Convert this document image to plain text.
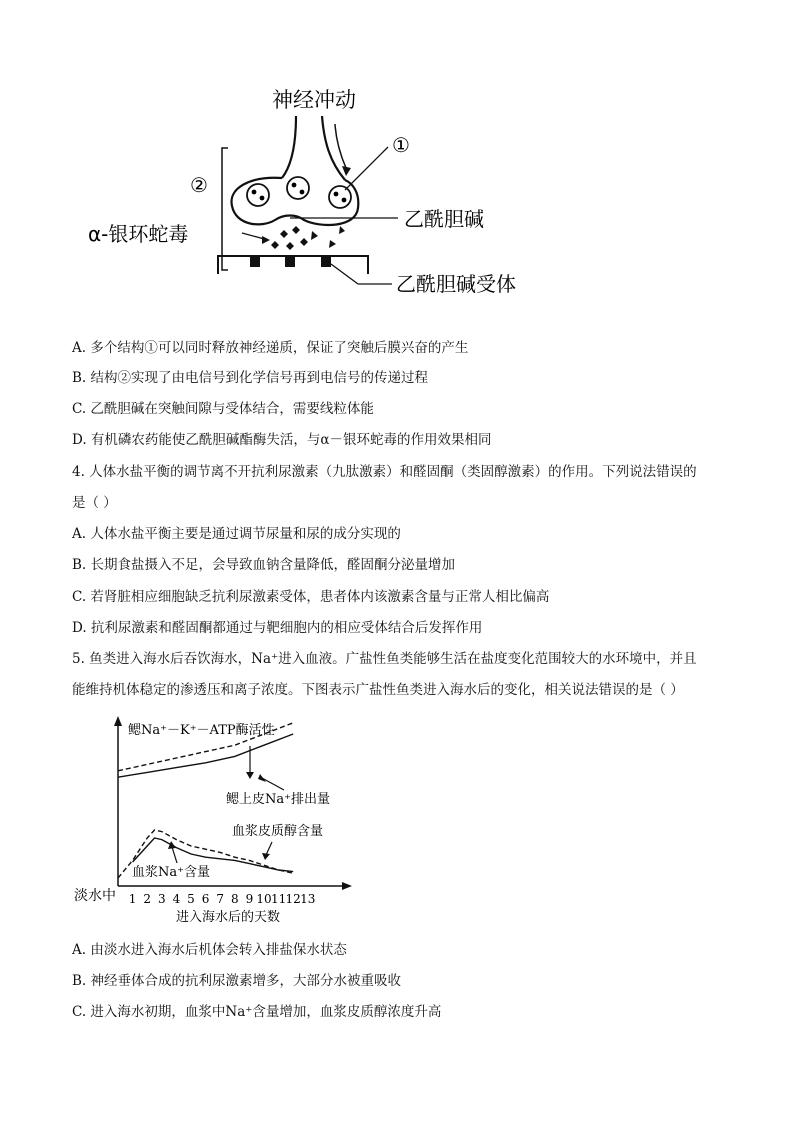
神经冲动
①
②
乙酰胆碱
α-银环蛇毒
乙酰胆碱受体
A. 多个结构①可以同时释放神经递质，保证了突触后膜兴奋的产生
B. 结构②实现了由电信号到化学信号再到电信号的传递过程
C. 乙酰胆碱在突触间隙与受体结合，需要线粒体能
D. 有机磷农药能使乙酰胆碱酯酶失活，与α－银环蛇毒的作用效果相同
4. 人体水盐平衡的调节离不开抗利尿激素（九肽激素）和醛固酮（类固醇激素）的作用。下列说法错误的
是（ ）
A. 人体水盐平衡主要是通过调节尿量和尿的成分实现的
B. 长期食盐摄入不足，会导致血钠含量降低，醛固酮分泌量增加
C. 若肾脏相应细胞缺乏抗利尿激素受体，患者体内该激素含量与正常人相比偏高
D. 抗利尿激素和醛固酮都通过与靶细胞内的相应受体结合后发挥作用
5. 鱼类进入海水后吞饮海水，Na⁺进入血液。广盐性鱼类能够生活在盐度变化范围较大的水环境中，并且
能维持机体稳定的渗透压和离子浓度。下图表示广盐性鱼类进入海水后的变化，相关说法错误的是（ ）
1 2 3 4 5 6 7 8 9 10 11 12 13
淡水中
进入海水后的天数
鳃Na⁺－K⁺－ATP酶活性
鳃上皮Na⁺排出量
血浆皮质醇含量
血浆Na⁺含量
A. 由淡水进入海水后机体会转入排盐保水状态
B. 神经垂体合成的抗利尿激素增多，大部分水被重吸收
C. 进入海水初期，血浆中Na⁺含量增加，血浆皮质醇浓度升高
